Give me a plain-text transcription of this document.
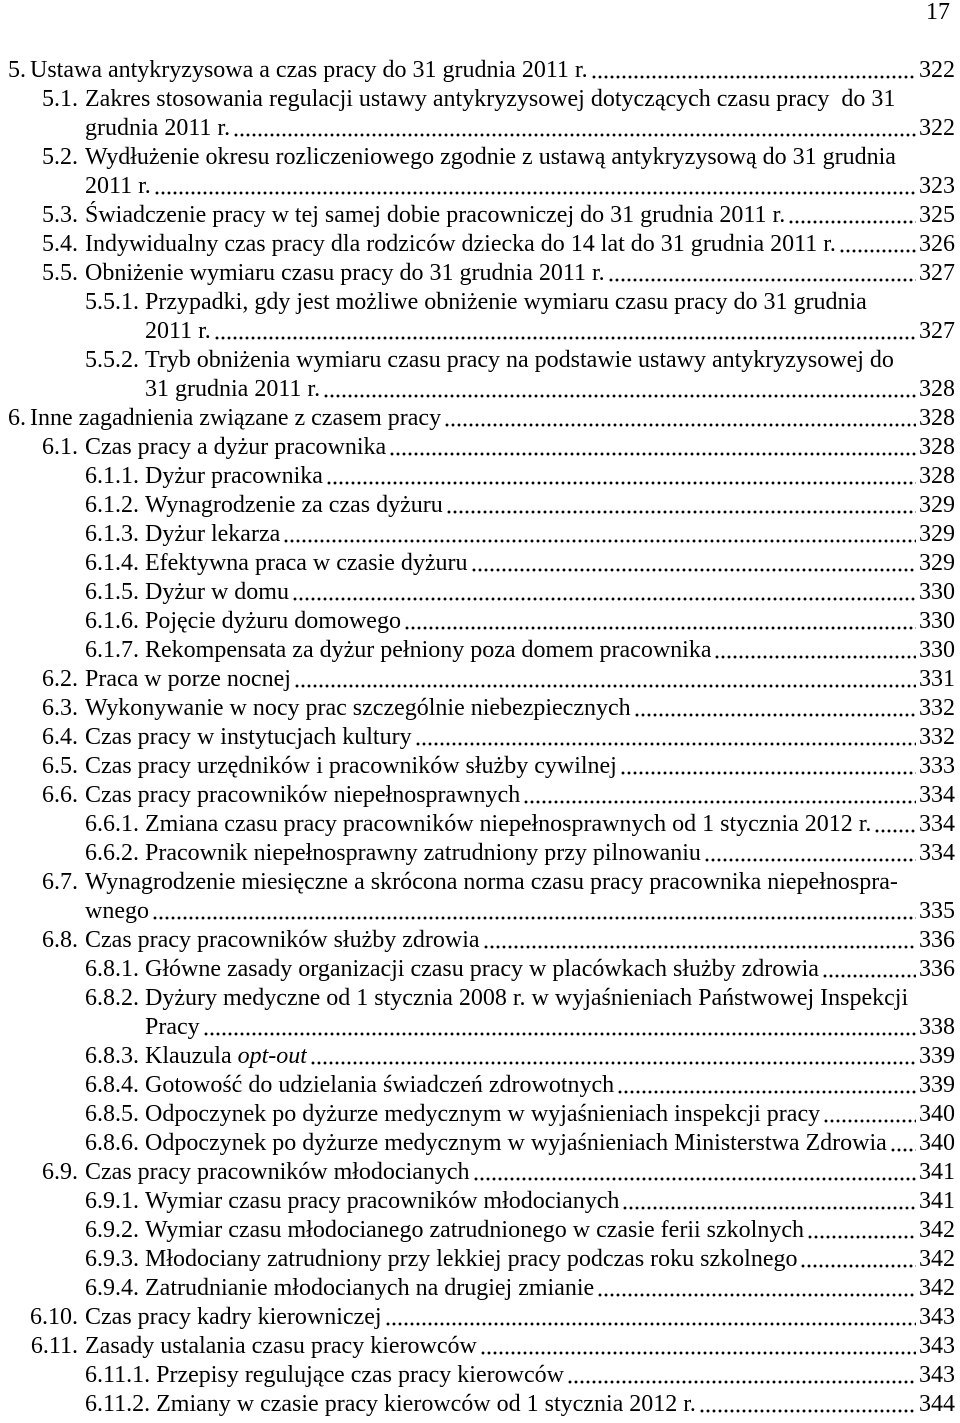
17
5. Ustawa antykryzysowa a czas pracy do 31 grudnia 2011 r.	322
5.1. Zakres stosowania regulacji ustawy antykryzysowej dotyczących czasu pracy  do 31
grudnia 2011 r.	322
5.2. Wydłużenie okresu rozliczeniowego zgodnie z ustawą antykryzysową do 31 grudnia
2011 r.	323
5.3. Świadczenie pracy w tej samej dobie pracowniczej do 31 grudnia 2011 r.	325
5.4. Indywidualny czas pracy dla rodziców dziecka do 14 lat do 31 grudnia 2011 r.	326
5.5. Obniżenie wymiaru czasu pracy do 31 grudnia 2011 r.	327
5.5.1. Przypadki, gdy jest możliwe obniżenie wymiaru czasu pracy do 31 grudnia
2011 r.	327
5.5.2. Tryb obniżenia wymiaru czasu pracy na podstawie ustawy antykryzysowej do
31 grudnia 2011 r.	328
6. Inne zagadnienia związane z czasem pracy	328
6.1. Czas pracy a dyżur pracownika	328
6.1.1. Dyżur pracownika	328
6.1.2. Wynagrodzenie za czas dyżuru	329
6.1.3. Dyżur lekarza	329
6.1.4. Efektywna praca w czasie dyżuru	329
6.1.5. Dyżur w domu	330
6.1.6. Pojęcie dyżuru domowego	330
6.1.7. Rekompensata za dyżur pełniony poza domem pracownika	330
6.2. Praca w porze nocnej	331
6.3. Wykonywanie w nocy prac szczególnie niebezpiecznych	332
6.4. Czas pracy w instytucjach kultury	332
6.5. Czas pracy urzędników i pracowników służby cywilnej	333
6.6. Czas pracy pracowników niepełnosprawnych	334
6.6.1. Zmiana czasu pracy pracowników niepełnosprawnych od 1 stycznia 2012 r. 334
6.6.2. Pracownik niepełnosprawny zatrudniony przy pilnowaniu	334
6.7. Wynagrodzenie miesięczne a skrócona norma czasu pracy pracownika niepełnospra-
wnego	335
6.8. Czas pracy pracowników służby zdrowia	336
6.8.1. Główne zasady organizacji czasu pracy w placówkach służby zdrowia	336
6.8.2. Dyżury medyczne od 1 stycznia 2008 r. w wyjaśnieniach Państwowej Inspekcji
Pracy	338
6.8.3. Klauzula opt-out	339
6.8.4. Gotowość do udzielania świadczeń zdrowotnych	339
6.8.5. Odpoczynek po dyżurze medycznym w wyjaśnieniach inspekcji pracy	340
6.8.6. Odpoczynek po dyżurze medycznym w wyjaśnieniach Ministerstwa Zdrowia 340
6.9. Czas pracy pracowników młodocianych	341
6.9.1. Wymiar czasu pracy pracowników młodocianych	341
6.9.2. Wymiar czasu młodocianego zatrudnionego w czasie ferii szkolnych	342
6.9.3. Młodociany zatrudniony przy lekkiej pracy podczas roku szkolnego	342
6.9.4. Zatrudnianie młodocianych na drugiej zmianie	342
6.10. Czas pracy kadry kierowniczej	343
6.11. Zasady ustalania czasu pracy kierowców	343
6.11.1. Przepisy regulujące czas pracy kierowców	343
6.11.2. Zmiany w czasie pracy kierowców od 1 stycznia 2012 r.	344
